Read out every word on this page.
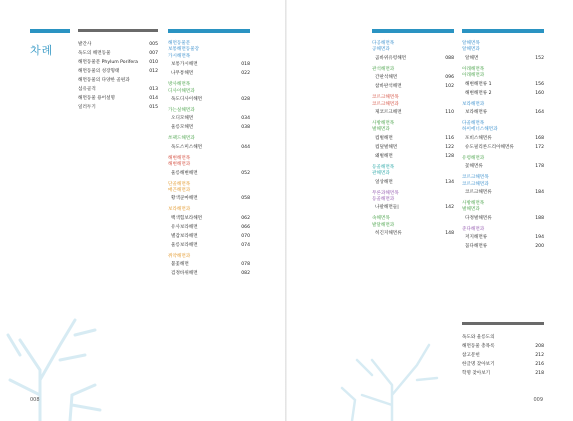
차례	발간사	005
독도의 해면동물	007
해면동물문 Phylum Porifera 010
해면동물의 성장형태	012
해면동물의 다양한 골편과
섬유골격	013
해면동물 용어설명	014
일러두기	015
해면동물문
보통해면동물강
가시해면목
보통가시해면	018
나무통해면	022
방사해면목
디사이해면과
독도디사이해면	028
가는실해면과
오디모해면	034
울릉모해면	038
쏘팩드해면과
독도스미스해면	044
해변해면목
해변해면과
울릉해변해면	052
단골해면목
매끈해면과
황색쿤마해면	058
보라해면과
백색힘보라해면	062
유사보라해면	066
별갑보라해면	070
울릉보라해면	074
쥐약해면과
불꽃해면	078
검정바위해면	082
008
다공해면목
공해면과
곰바위유령해면	088
관석해면과
간판석해면	096
참바판석해면	102
코르크해면목
코르크해면과
제코르크해면	110
사방해면목
벌해면과
컵벌해면	116
컵덮벌해면	122
왜벌해면	128
등골해면목
관해면과
얼상해면	134
무른과해면목
등골해면과
나팔해면들|	142
속해면목
발달해면과
히긴지해면류	148
알해면목
알해면과
알해면	152
아래해면목
아래해면과
해변해면류 1	156
해변해면류 2	160
보라해면과
보라해면류	164
다골해면목
하이에너스해면과
포비스해면류	168
슈도필리론드리아해면류	172
유령해면과
꽃해면류	178
코르크해면목
코르크해면과
코르크해면류	184
사방해면목
벌해면과
다정벌해면류	188
준다해면과
저지해면류	194
꼽다해면류	200
독도와 울릉도의
해면동물 총목록	208
참고문헌	212
한글명 찾아보기	216
학명 찾아보기	218
009
